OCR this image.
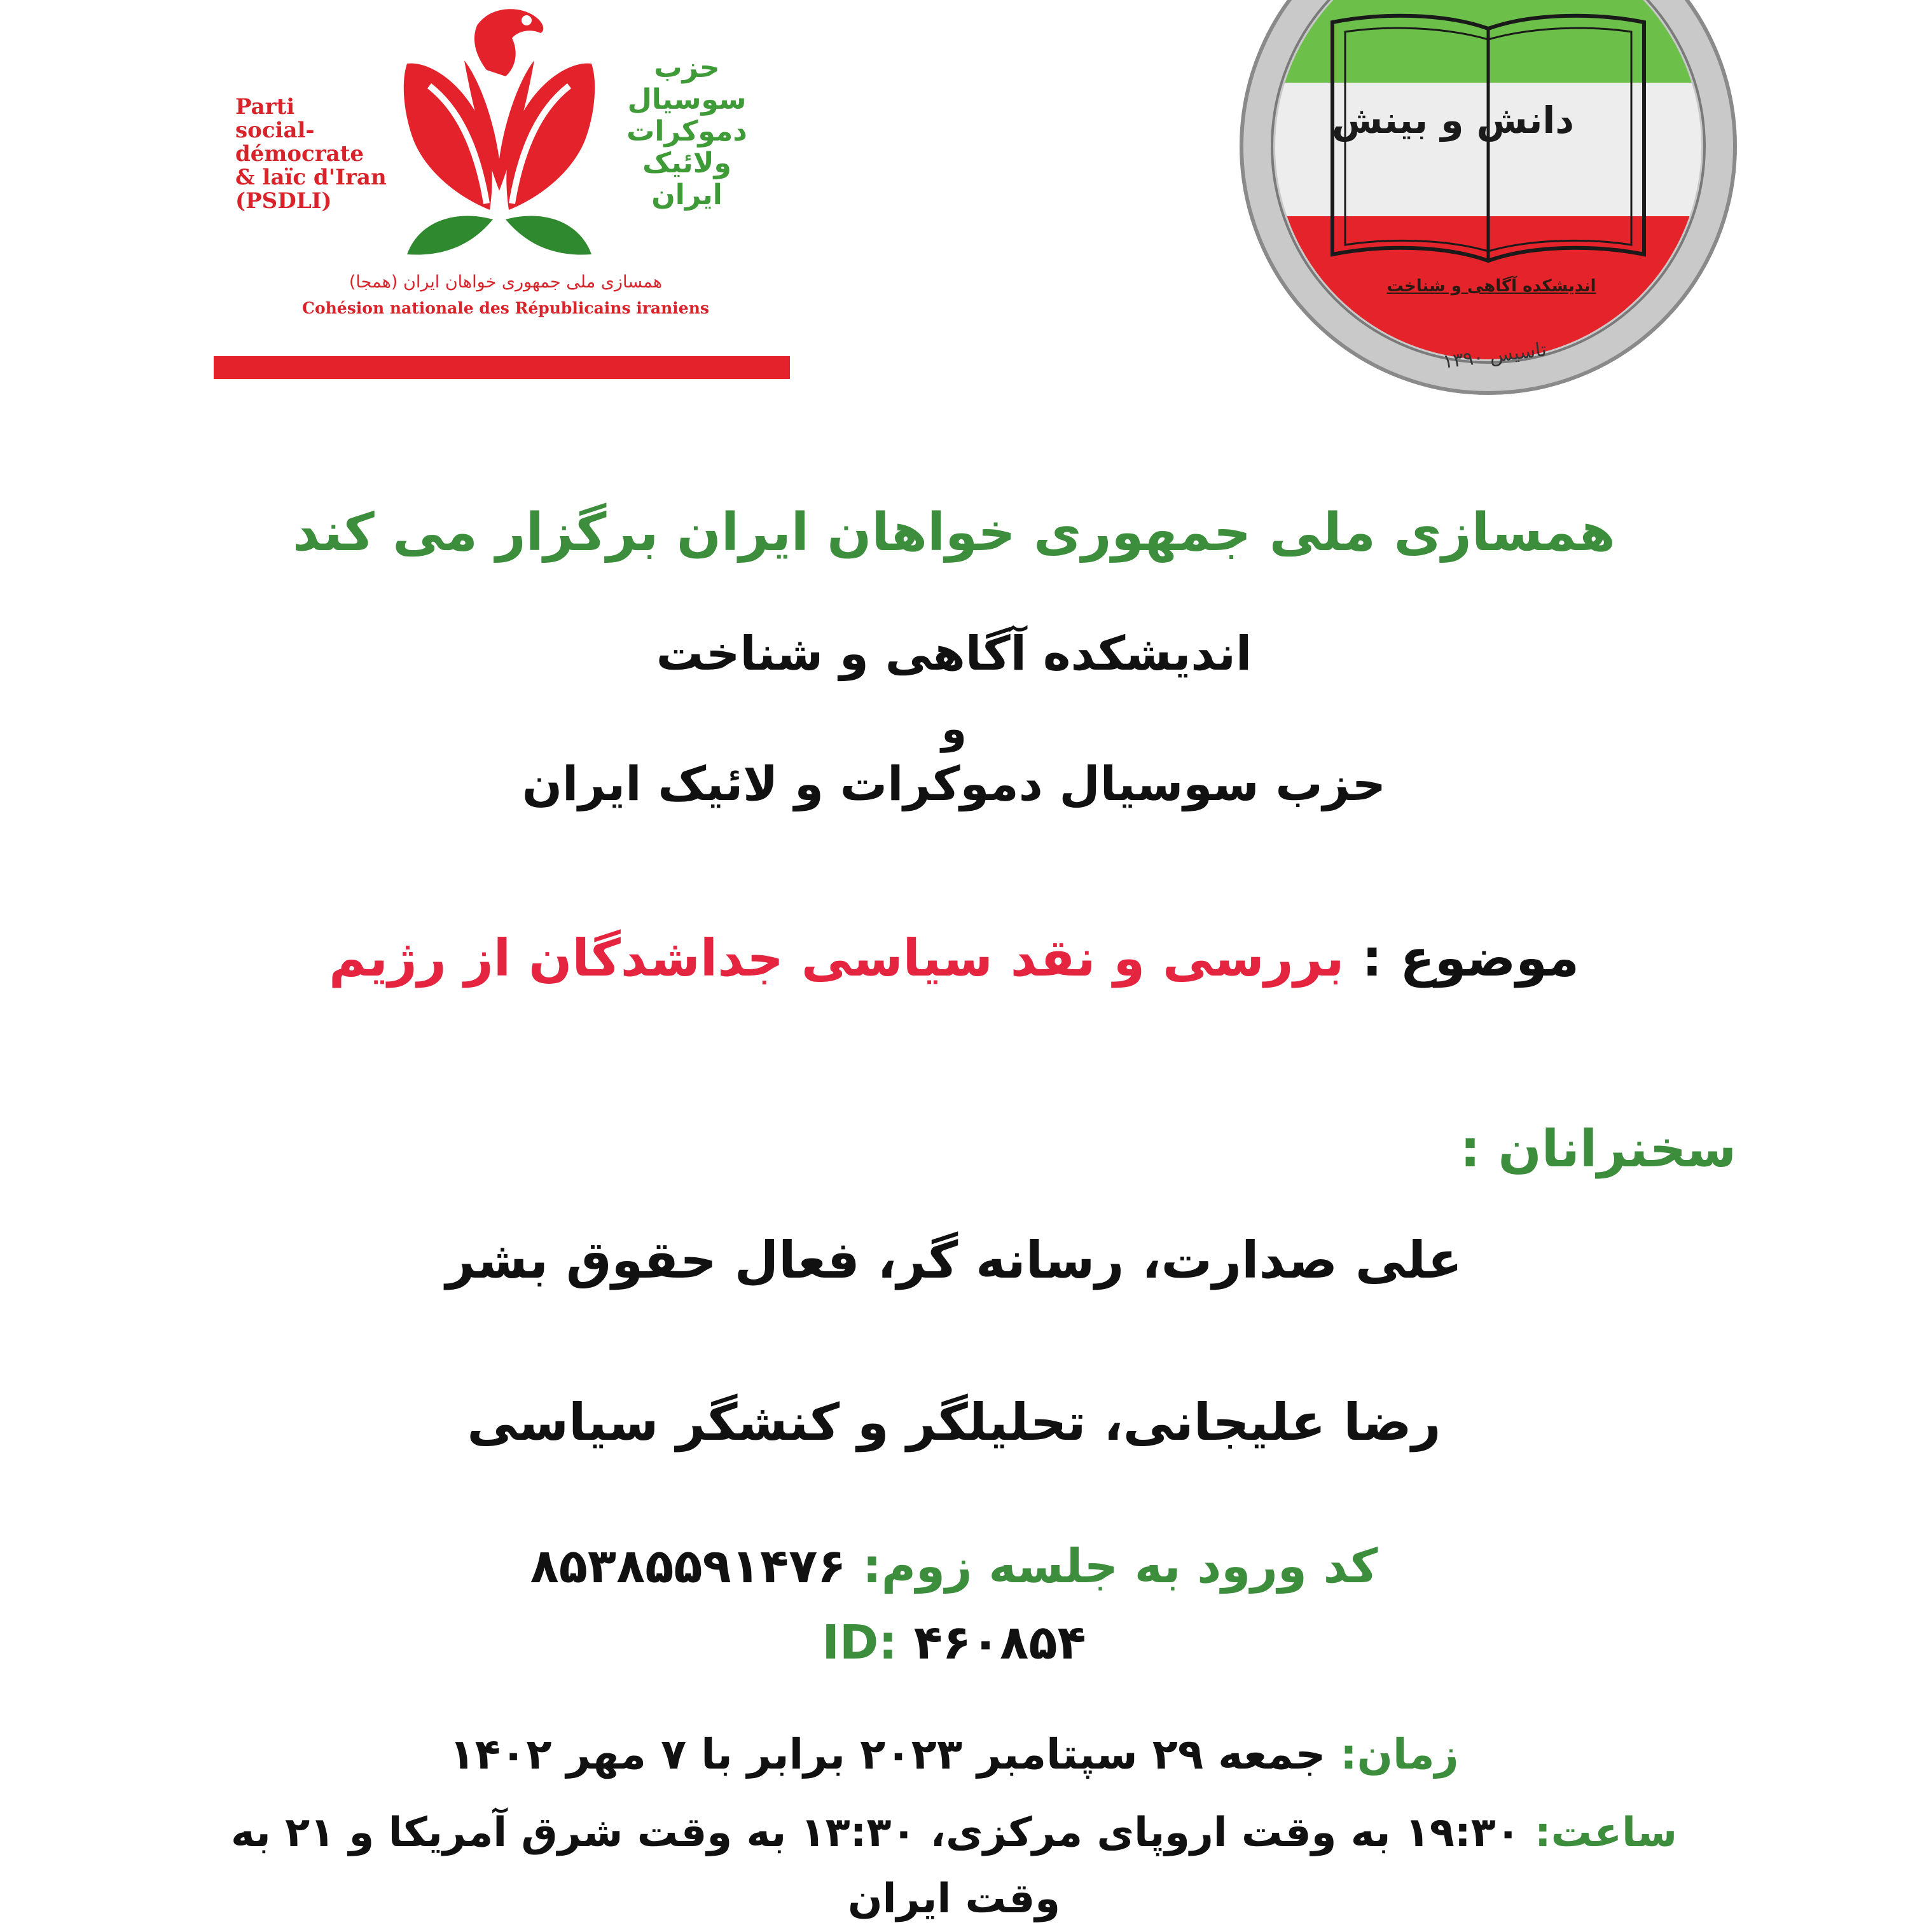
Parti
social-
démocrate
& laïc d'Iran
(PSDLI)
حزب
سوسیال
دموکرات
ولائیک
ایران
همسازی ملی جمهوری خواهان ایران (همجا)
Cohésion nationale des Républicains iraniens
دانش و بینش
اندیشکده آگاهی و شناخت
تاسیس ۱۳۹۰
همسازی ملی جمهوری خواهان ایران برگزار می کند
اندیشکده آگاهی و شناخت
و
حزب سوسیال دموکرات و لائیک ایران
موضوع : بررسی و نقد سیاسی جداشدگان از رژیم
سخنرانان :
علی صدارت، رسانه گر، فعال حقوق بشر
رضا علیجانی، تحلیلگر و کنشگر سیاسی
کد ورود به جلسه زوم: ۸۵۳۸۵۵۹۱۴۷۶
ID: ۴۶۰۸۵۴
زمان: جمعه ۲۹ سپتامبر ۲۰۲۳ برابر با ۷ مهر ۱۴۰۲
ساعت: ۱۹:۳۰ به وقت اروپای مرکزی، ۱۳:۳۰ به وقت شرق آمریکا و ۲۱ به وقت ایران
